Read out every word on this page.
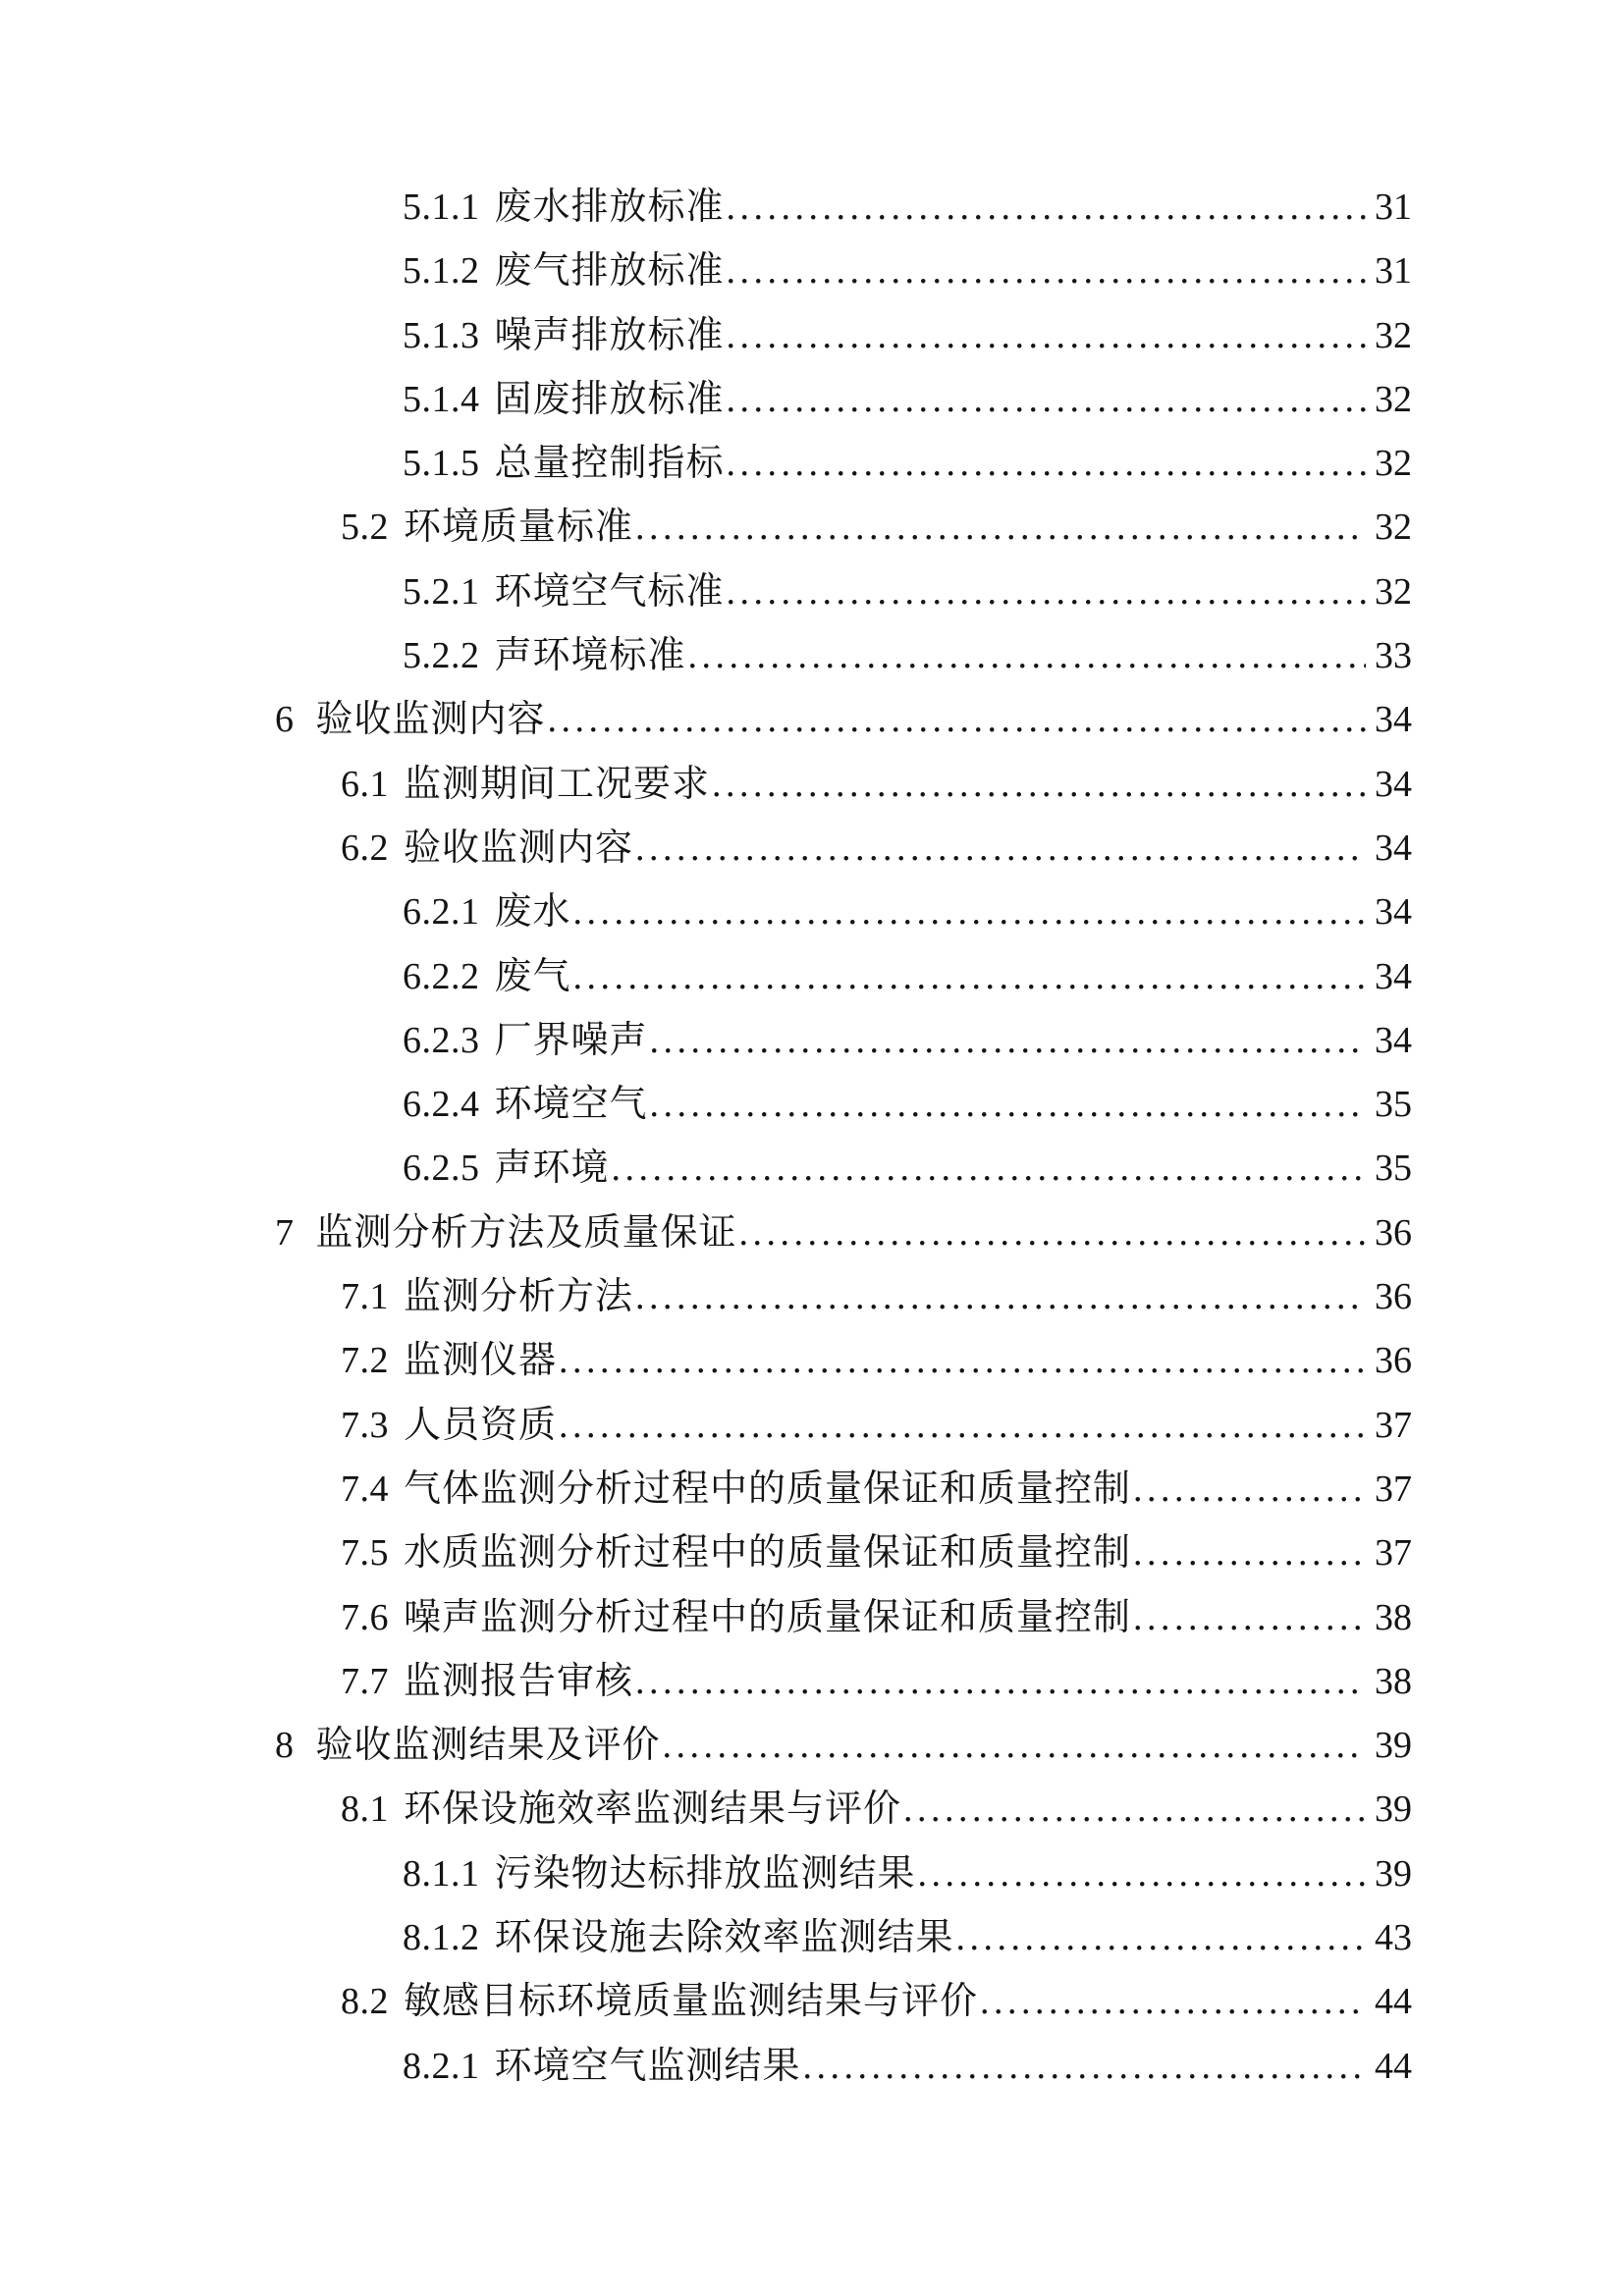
5.1.1 废水排放标准 .....	31
5.1.2 废气排放标准 .....	31
5.1.3 噪声排放标准 .....	32
5.1.4 固废排放标准 .....	32
5.1.5 总量控制指标 .....	32
5.2 环境质量标准 .....	32
5.2.1 环境空气标准 .....	32
5.2.2 声环境标准 .....	33
6 验收监测内容 .....	34
6.1 监测期间工况要求 .....	34
6.2 验收监测内容 .....	34
6.2.1 废水 .....	34
6.2.2 废气 .....	34
6.2.3 厂界噪声 .....	34
6.2.4 环境空气 .....	35
6.2.5 声环境 .....	35
7 监测分析方法及质量保证 .....	36
7.1 监测分析方法 .....	36
7.2 监测仪器 .....	36
7.3 人员资质 .....	37
7.4 气体监测分析过程中的质量保证和质量控制 .....	37
7.5 水质监测分析过程中的质量保证和质量控制 .....	37
7.6 噪声监测分析过程中的质量保证和质量控制 .....	38
7.7 监测报告审核 .....	38
8 验收监测结果及评价 .....	39
8.1 环保设施效率监测结果与评价 .....	39
8.1.1 污染物达标排放监测结果 .....	39
8.1.2 环保设施去除效率监测结果 .....	43
8.2 敏感目标环境质量监测结果与评价 .....	44
8.2.1 环境空气监测结果 .....	44
